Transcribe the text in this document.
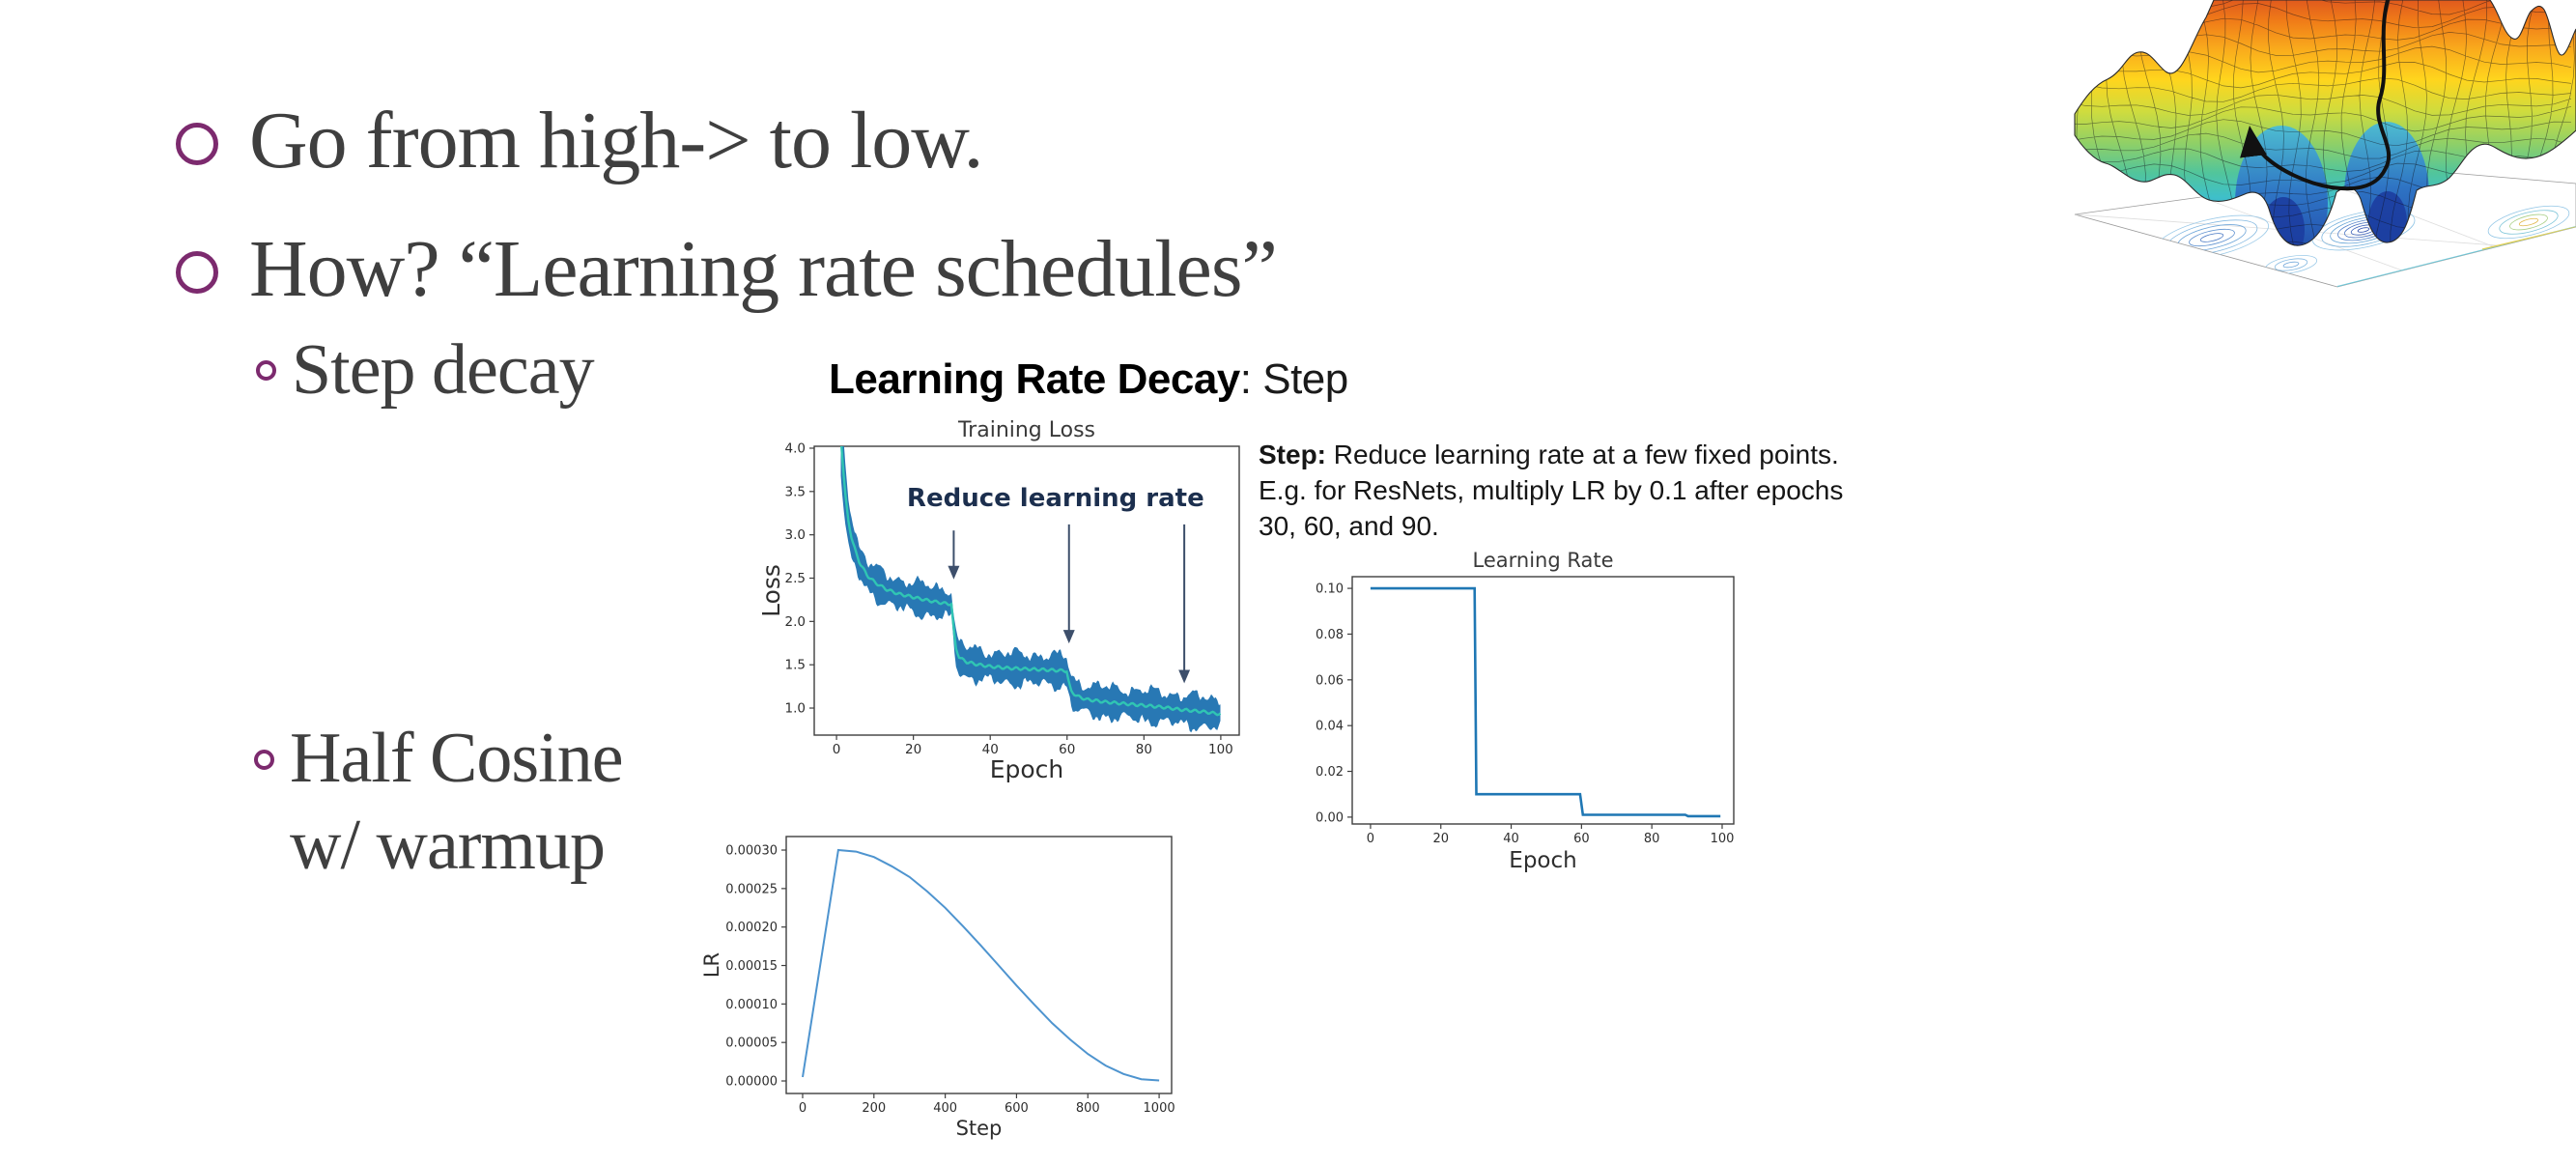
Go from high-> to low.
How? “Learning rate schedules”
Step decay
Half Cosine
w/ warmup
Learning Rate Decay: Step

Step: Reduce learning rate at a few fixed points.

E.g. for ResNets, multiply LR by 0.1 after epochs

30, 60, and 90.

0	20	40	60	80	100
1.0
1.5
2.0
2.5
3.0
3.5
4.0
Training Loss
Epoch
Loss
Reduce learning rate
0	20	40	60	80	100
0.00
0.02
0.04
0.06
0.08
0.10
Learning Rate
Epoch
0	200	400	600	800	1000
0.00000
0.00005
0.00010
0.00015
0.00020
0.00025
0.00030
Step
LR
